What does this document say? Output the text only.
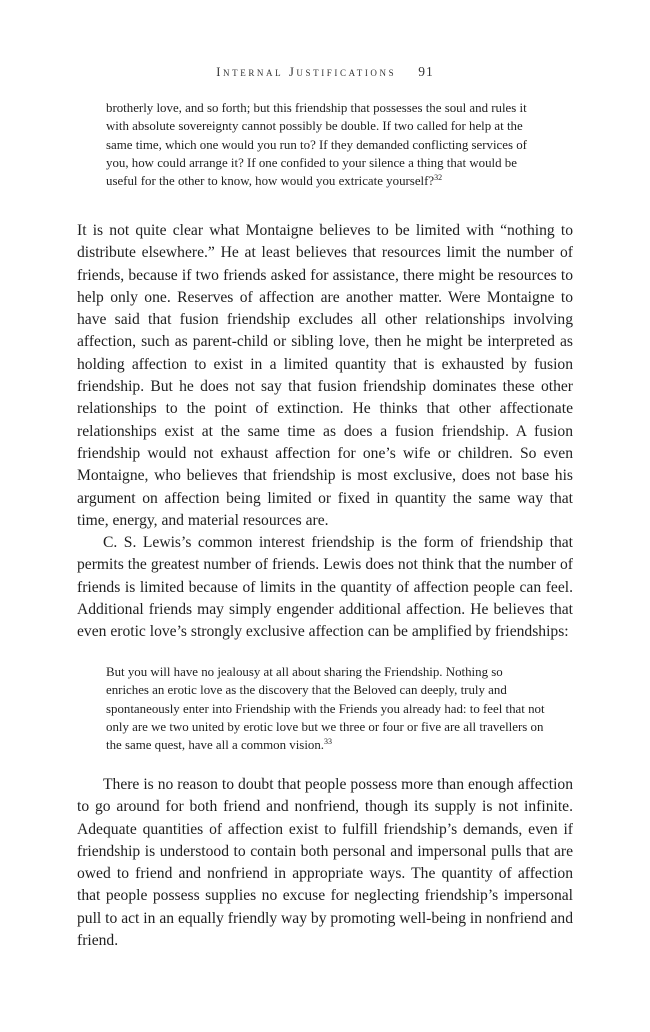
Internal Justifications 91
brotherly love, and so forth; but this friendship that possesses the soul and rules it with absolute sovereignty cannot possibly be double. If two called for help at the same time, which one would you run to? If they demanded conflicting services of you, how could arrange it? If one confided to your silence a thing that would be useful for the other to know, how would you extricate yourself?$^{32}$
It is not quite clear what Montaigne believes to be limited with “nothing to distribute elsewhere.” He at least believes that resources limit the number of friends, because if two friends asked for assistance, there might be resources to help only one. Reserves of affection are another matter. Were Montaigne to have said that fusion friendship excludes all other relationships involving affection, such as parent-child or sibling love, then he might be interpreted as holding affection to exist in a limited quantity that is exhausted by fusion friendship. But he does not say that fusion friendship dominates these other relationships to the point of extinction. He thinks that other affectionate relationships exist at the same time as does a fusion friendship. A fusion friendship would not exhaust affection for one’s wife or children. So even Montaigne, who believes that friendship is most exclusive, does not base his argument on affection being limited or fixed in quantity the same way that time, energy, and material resources are.
C. S. Lewis’s common interest friendship is the form of friendship that permits the greatest number of friends. Lewis does not think that the number of friends is limited because of limits in the quantity of affection people can feel. Additional friends may simply engender additional affection. He believes that even erotic love’s strongly exclusive affection can be amplified by friendships:
But you will have no jealousy at all about sharing the Friendship. Nothing so enriches an erotic love as the discovery that the Beloved can deeply, truly and spontaneously enter into Friendship with the Friends you already had: to feel that not only are we two united by erotic love but we three or four or five are all travellers on the same quest, have all a common vision.$^{33}$
There is no reason to doubt that people possess more than enough affection to go around for both friend and nonfriend, though its supply is not infinite. Adequate quantities of affection exist to fulfill friendship’s demands, even if friendship is understood to contain both personal and impersonal pulls that are owed to friend and nonfriend in appropriate ways. The quantity of affection that people possess supplies no excuse for neglecting friendship’s impersonal pull to act in an equally friendly way by promoting well-being in nonfriend and friend.
